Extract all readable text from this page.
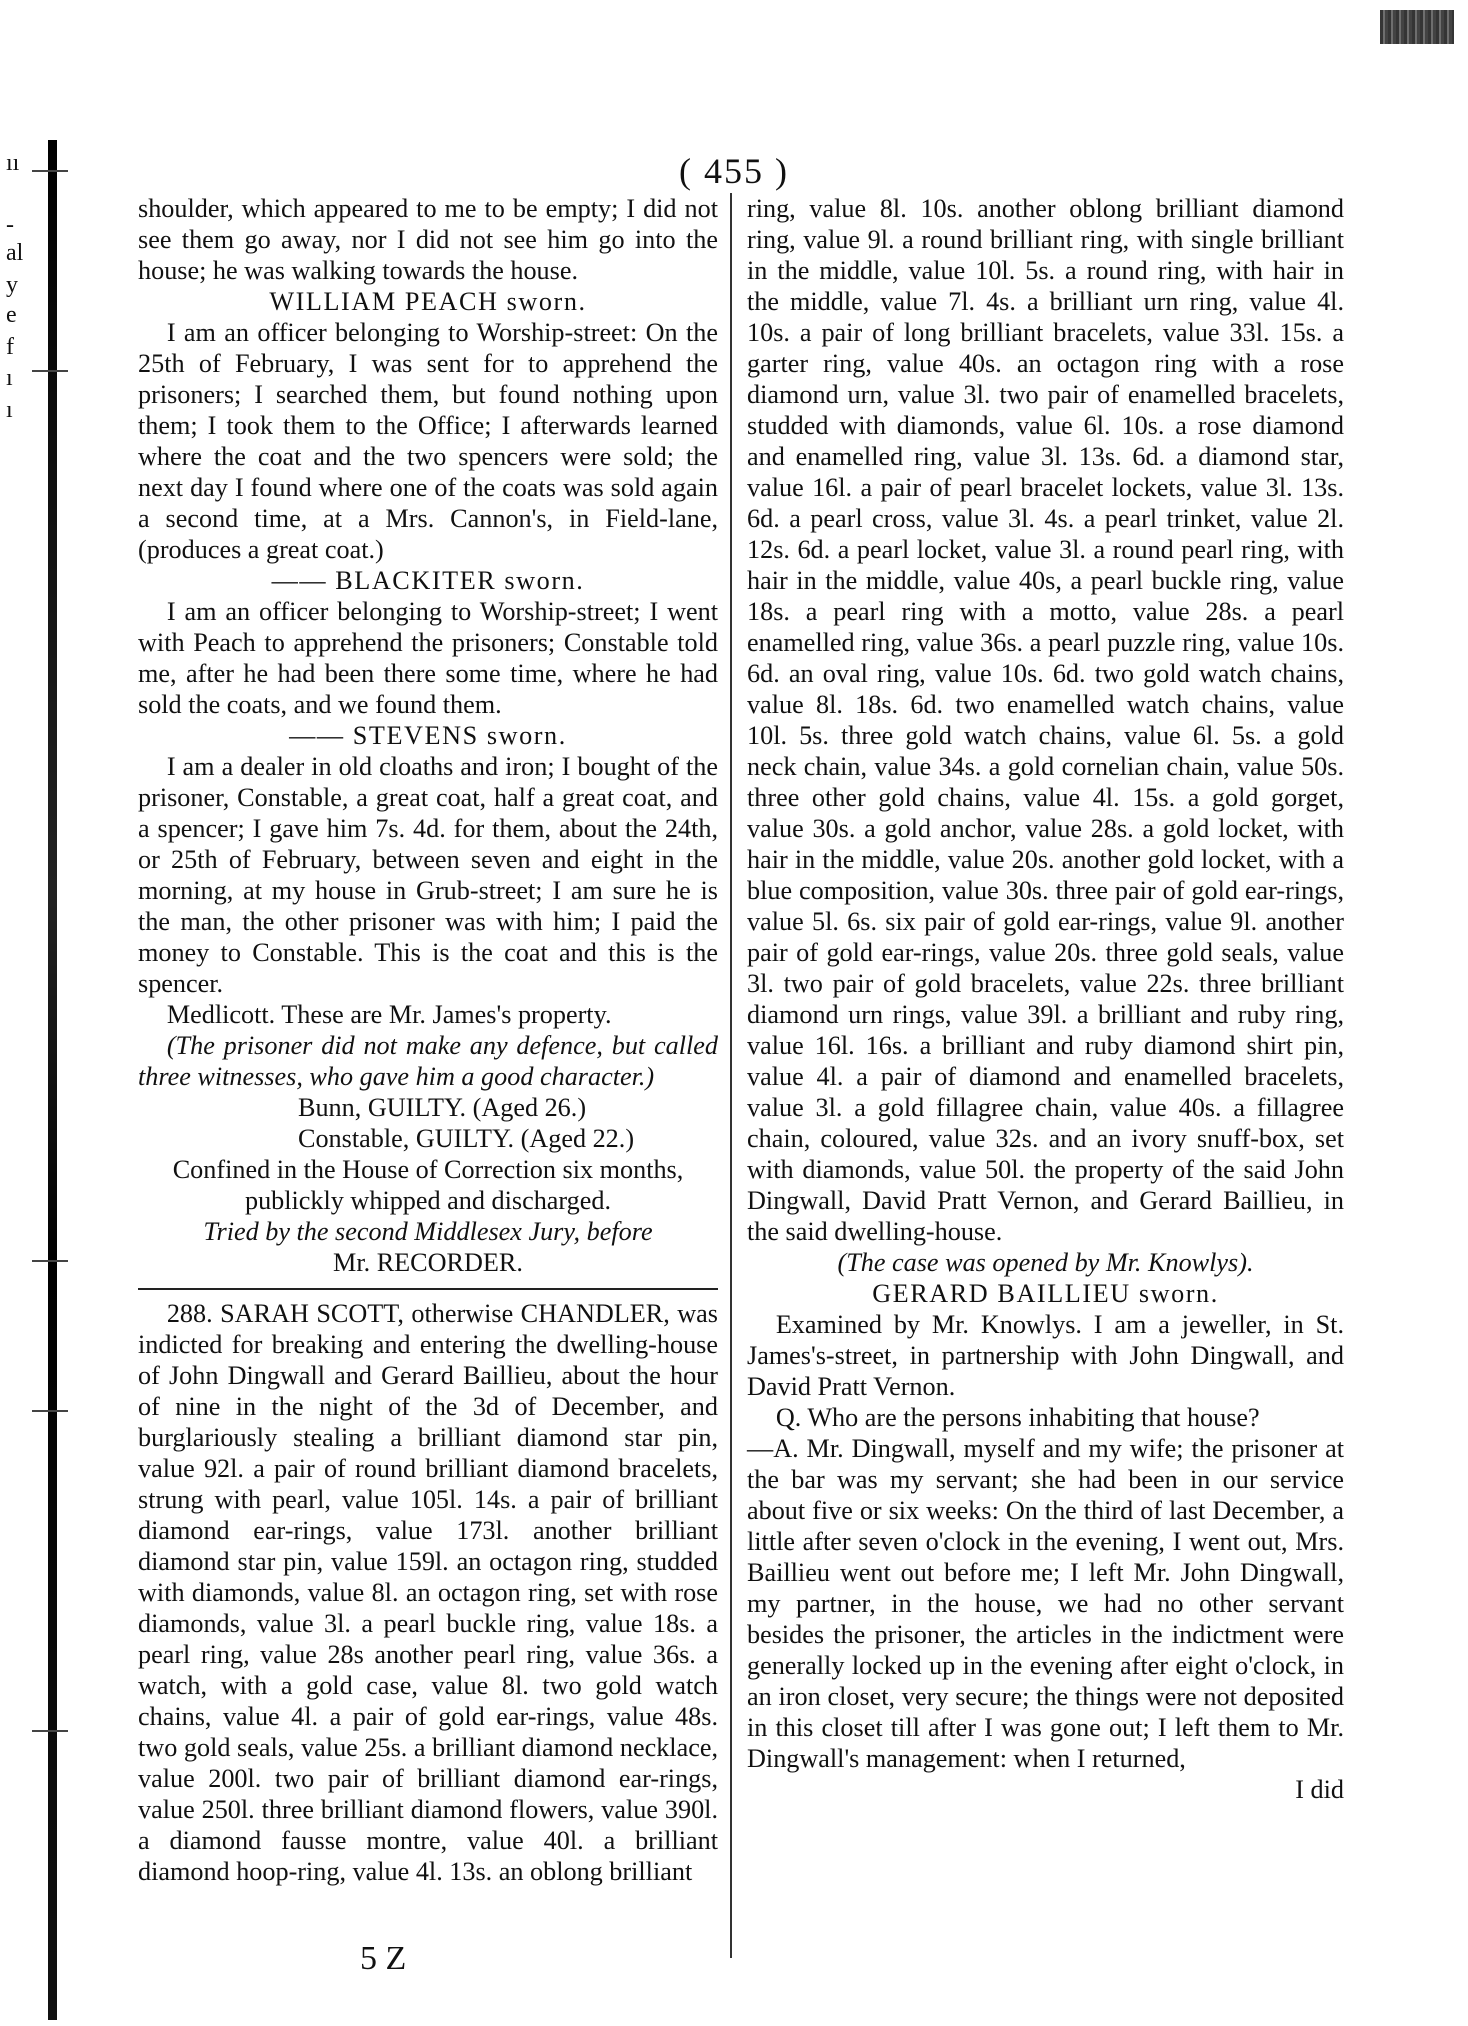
ıı
-
al
y
e
f
ı
ı
( 455 )

shoulder, which appeared to me to be empty; I did not see them go away, nor I did not see him go into the house; he was walking towards the house.

WILLIAM PEACH sworn.

I am an officer belonging to Worship-street: On the 25th of February, I was sent for to apprehend the prisoners; I searched them, but found nothing upon them; I took them to the Office; I afterwards learned where the coat and the two spencers were sold; the next day I found where one of the coats was sold again a second time, at a Mrs. Cannon's, in Field-lane, (produces a great coat.)

—— BLACKITER sworn.

I am an officer belonging to Worship-street; I went with Peach to apprehend the prisoners; Constable told me, after he had been there some time, where he had sold the coats, and we found them.

—— STEVENS sworn.

I am a dealer in old cloaths and iron; I bought of the prisoner, Constable, a great coat, half a great coat, and a spencer; I gave him 7s. 4d. for them, about the 24th, or 25th of February, between seven and eight in the morning, at my house in Grub-street; I am sure he is the man, the other prisoner was with him; I paid the money to Constable. This is the coat and this is the spencer.

Medlicott. These are Mr. James's property.

(The prisoner did not make any defence, but called three witnesses, who gave him a good character.)

Bunn, GUILTY. (Aged 26.)

Constable, GUILTY. (Aged 22.)

Confined in the House of Correction six months, publickly whipped and discharged.

Tried by the second Middlesex Jury, before

Mr. RECORDER.

288. SARAH SCOTT, otherwise CHANDLER, was indicted for breaking and entering the dwelling-house of John Dingwall and Gerard Baillieu, about the hour of nine in the night of the 3d of December, and burglariously stealing a brilliant diamond star pin, value 92l. a pair of round brilliant diamond bracelets, strung with pearl, value 105l. 14s. a pair of brilliant diamond ear-rings, value 173l. another brilliant diamond star pin, value 159l. an octagon ring, studded with diamonds, value 8l. an octagon ring, set with rose diamonds, value 3l. a pearl buckle ring, value 18s. a pearl ring, value 28s another pearl ring, value 36s. a watch, with a gold case, value 8l. two gold watch chains, value 4l. a pair of gold ear-rings, value 48s. two gold seals, value 25s. a brilliant diamond necklace, value 200l. two pair of brilliant diamond ear-rings, value 250l. three brilliant diamond flowers, value 390l. a diamond fausse montre, value 40l. a brilliant diamond hoop-ring, value 4l. 13s. an oblong brilliant

ring, value 8l. 10s. another oblong brilliant diamond ring, value 9l. a round brilliant ring, with single brilliant in the middle, value 10l. 5s. a round ring, with hair in the middle, value 7l. 4s. a brilliant urn ring, value 4l. 10s. a pair of long brilliant bracelets, value 33l. 15s. a garter ring, value 40s. an octagon ring with a rose diamond urn, value 3l. two pair of enamelled bracelets, studded with diamonds, value 6l. 10s. a rose diamond and enamelled ring, value 3l. 13s. 6d. a diamond star, value 16l. a pair of pearl bracelet lockets, value 3l. 13s. 6d. a pearl cross, value 3l. 4s. a pearl trinket, value 2l. 12s. 6d. a pearl locket, value 3l. a round pearl ring, with hair in the middle, value 40s, a pearl buckle ring, value 18s. a pearl ring with a motto, value 28s. a pearl enamelled ring, value 36s. a pearl puzzle ring, value 10s. 6d. an oval ring, value 10s. 6d. two gold watch chains, value 8l. 18s. 6d. two enamelled watch chains, value 10l. 5s. three gold watch chains, value 6l. 5s. a gold neck chain, value 34s. a gold cornelian chain, value 50s. three other gold chains, value 4l. 15s. a gold gorget, value 30s. a gold anchor, value 28s. a gold locket, with hair in the middle, value 20s. another gold locket, with a blue composition, value 30s. three pair of gold ear-rings, value 5l. 6s. six pair of gold ear-rings, value 9l. another pair of gold ear-rings, value 20s. three gold seals, value 3l. two pair of gold bracelets, value 22s. three brilliant diamond urn rings, value 39l. a brilliant and ruby ring, value 16l. 16s. a brilliant and ruby diamond shirt pin, value 4l. a pair of diamond and enamelled bracelets, value 3l. a gold fillagree chain, value 40s. a fillagree chain, coloured, value 32s. and an ivory snuff-box, set with diamonds, value 50l. the property of the said John Dingwall, David Pratt Vernon, and Gerard Baillieu, in the said dwelling-house.

(The case was opened by Mr. Knowlys).

GERARD BAILLIEU sworn.

Examined by Mr. Knowlys. I am a jeweller, in St. James's-street, in partnership with John Dingwall, and David Pratt Vernon.

Q. Who are the persons inhabiting that house?

—A. Mr. Dingwall, myself and my wife; the prisoner at the bar was my servant; she had been in our service about five or six weeks: On the third of last December, a little after seven o'clock in the evening, I went out, Mrs. Baillieu went out before me; I left Mr. John Dingwall, my partner, in the house, we had no other servant besides the prisoner, the articles in the indictment were generally locked up in the evening after eight o'clock, in an iron closet, very secure; the things were not deposited in this closet till after I was gone out; I left them to Mr. Dingwall's management: when I returned,

I did

5 Z
